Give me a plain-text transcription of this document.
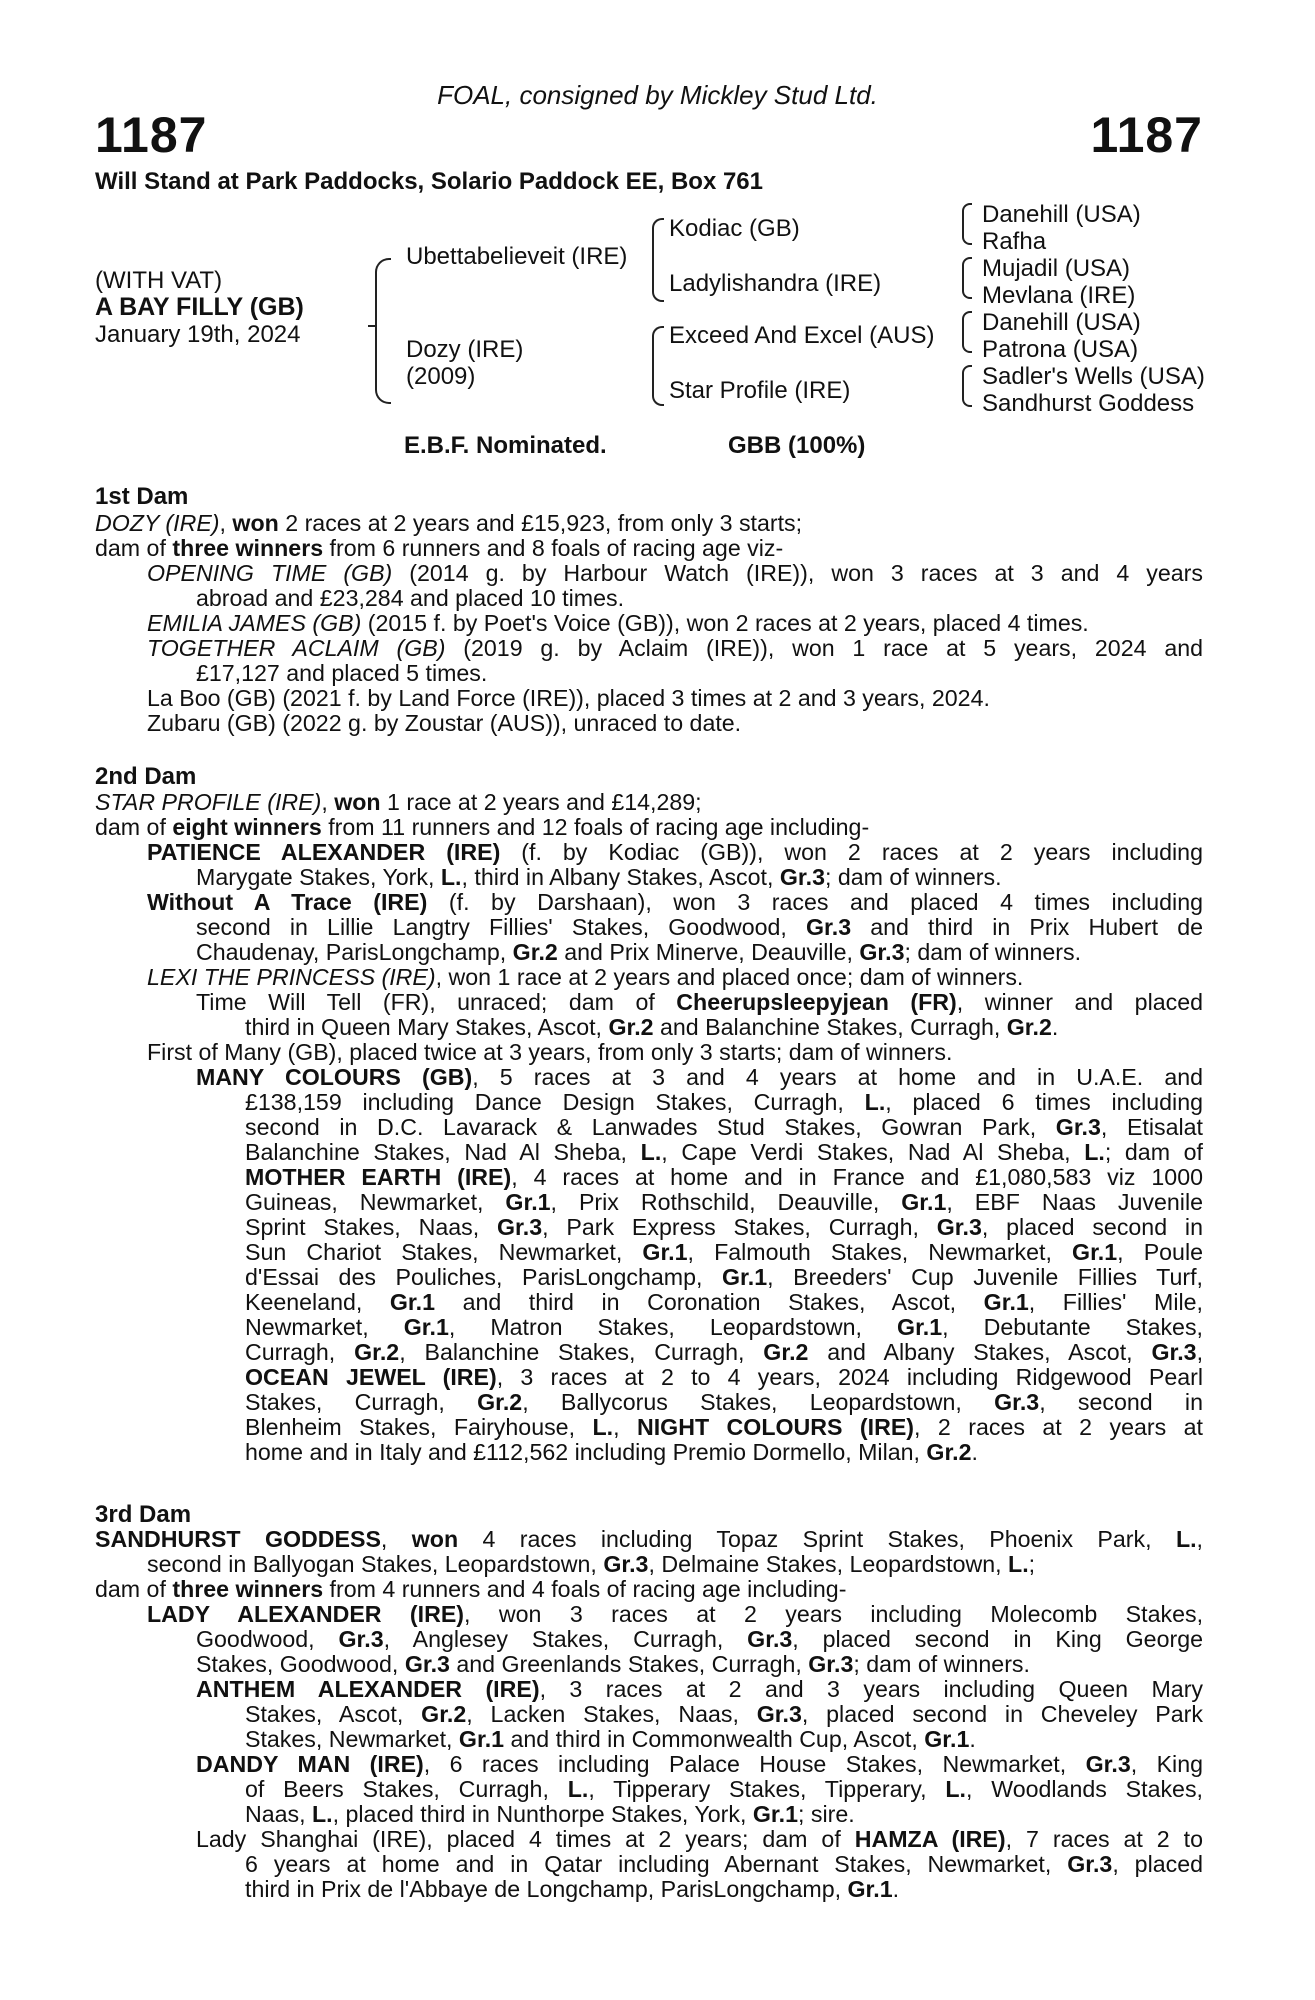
FOAL, consigned by Mickley Stud Ltd.
1187	1187
Will Stand at Park Paddocks, Solario Paddock EE, Box 761
(WITH VAT)
A BAY FILLY (GB)
January 19th, 2024
Ubettabelieveit (IRE)
Dozy (IRE)
(2009)
Kodiac (GB)
Ladylishandra (IRE)
Exceed And Excel (AUS)
Star Profile (IRE)
Danehill (USA)
Rafha
Mujadil (USA)
Mevlana (IRE)
Danehill (USA)
Patrona (USA)
Sadler's Wells (USA)
Sandhurst Goddess
E.B.F. Nominated.	GBB (100%)
1st Dam
2nd Dam
3rd Dam
DOZY (IRE), won 2 races at 2 years and £15,923, from only 3 starts;
dam of three winners from 6 runners and 8 foals of racing age viz-
OPENING TIME (GB) (2014 g. by Harbour Watch (IRE)), won 3 races at 3 and 4 years
abroad and £23,284 and placed 10 times.
EMILIA JAMES (GB) (2015 f. by Poet's Voice (GB)), won 2 races at 2 years, placed 4 times.
TOGETHER ACLAIM (GB) (2019 g. by Aclaim (IRE)), won 1 race at 5 years, 2024 and
£17,127 and placed 5 times.
La Boo (GB) (2021 f. by Land Force (IRE)), placed 3 times at 2 and 3 years, 2024.
Zubaru (GB) (2022 g. by Zoustar (AUS)), unraced to date.
STAR PROFILE (IRE), won 1 race at 2 years and £14,289;
dam of eight winners from 11 runners and 12 foals of racing age including-
PATIENCE ALEXANDER (IRE) (f. by Kodiac (GB)), won 2 races at 2 years including
Marygate Stakes, York, L., third in Albany Stakes, Ascot, Gr.3; dam of winners.
Without A Trace (IRE) (f. by Darshaan), won 3 races and placed 4 times including
second in Lillie Langtry Fillies' Stakes, Goodwood, Gr.3 and third in Prix Hubert de
Chaudenay, ParisLongchamp, Gr.2 and Prix Minerve, Deauville, Gr.3; dam of winners.
LEXI THE PRINCESS (IRE), won 1 race at 2 years and placed once; dam of winners.
Time Will Tell (FR), unraced; dam of Cheerupsleepyjean (FR), winner and placed
third in Queen Mary Stakes, Ascot, Gr.2 and Balanchine Stakes, Curragh, Gr.2.
First of Many (GB), placed twice at 3 years, from only 3 starts; dam of winners.
MANY COLOURS (GB), 5 races at 3 and 4 years at home and in U.A.E. and
£138,159 including Dance Design Stakes, Curragh, L., placed 6 times including
second in D.C. Lavarack & Lanwades Stud Stakes, Gowran Park, Gr.3, Etisalat
Balanchine Stakes, Nad Al Sheba, L., Cape Verdi Stakes, Nad Al Sheba, L.; dam of
MOTHER EARTH (IRE), 4 races at home and in France and £1,080,583 viz 1000
Guineas, Newmarket, Gr.1, Prix Rothschild, Deauville, Gr.1, EBF Naas Juvenile
Sprint Stakes, Naas, Gr.3, Park Express Stakes, Curragh, Gr.3, placed second in
Sun Chariot Stakes, Newmarket, Gr.1, Falmouth Stakes, Newmarket, Gr.1, Poule
d'Essai des Pouliches, ParisLongchamp, Gr.1, Breeders' Cup Juvenile Fillies Turf,
Keeneland, Gr.1 and third in Coronation Stakes, Ascot, Gr.1, Fillies' Mile,
Newmarket, Gr.1, Matron Stakes, Leopardstown, Gr.1, Debutante Stakes,
Curragh, Gr.2, Balanchine Stakes, Curragh, Gr.2 and Albany Stakes, Ascot, Gr.3,
OCEAN JEWEL (IRE), 3 races at 2 to 4 years, 2024 including Ridgewood Pearl
Stakes, Curragh, Gr.2, Ballycorus Stakes, Leopardstown, Gr.3, second in
Blenheim Stakes, Fairyhouse, L., NIGHT COLOURS (IRE), 2 races at 2 years at
home and in Italy and £112,562 including Premio Dormello, Milan, Gr.2.
SANDHURST GODDESS, won 4 races including Topaz Sprint Stakes, Phoenix Park, L.,
second in Ballyogan Stakes, Leopardstown, Gr.3, Delmaine Stakes, Leopardstown, L.;
dam of three winners from 4 runners and 4 foals of racing age including-
LADY ALEXANDER (IRE), won 3 races at 2 years including Molecomb Stakes,
Goodwood, Gr.3, Anglesey Stakes, Curragh, Gr.3, placed second in King George
Stakes, Goodwood, Gr.3 and Greenlands Stakes, Curragh, Gr.3; dam of winners.
ANTHEM ALEXANDER (IRE), 3 races at 2 and 3 years including Queen Mary
Stakes, Ascot, Gr.2, Lacken Stakes, Naas, Gr.3, placed second in Cheveley Park
Stakes, Newmarket, Gr.1 and third in Commonwealth Cup, Ascot, Gr.1.
DANDY MAN (IRE), 6 races including Palace House Stakes, Newmarket, Gr.3, King
of Beers Stakes, Curragh, L., Tipperary Stakes, Tipperary, L., Woodlands Stakes,
Naas, L., placed third in Nunthorpe Stakes, York, Gr.1; sire.
Lady Shanghai (IRE), placed 4 times at 2 years; dam of HAMZA (IRE), 7 races at 2 to
6 years at home and in Qatar including Abernant Stakes, Newmarket, Gr.3, placed
third in Prix de l'Abbaye de Longchamp, ParisLongchamp, Gr.1.
